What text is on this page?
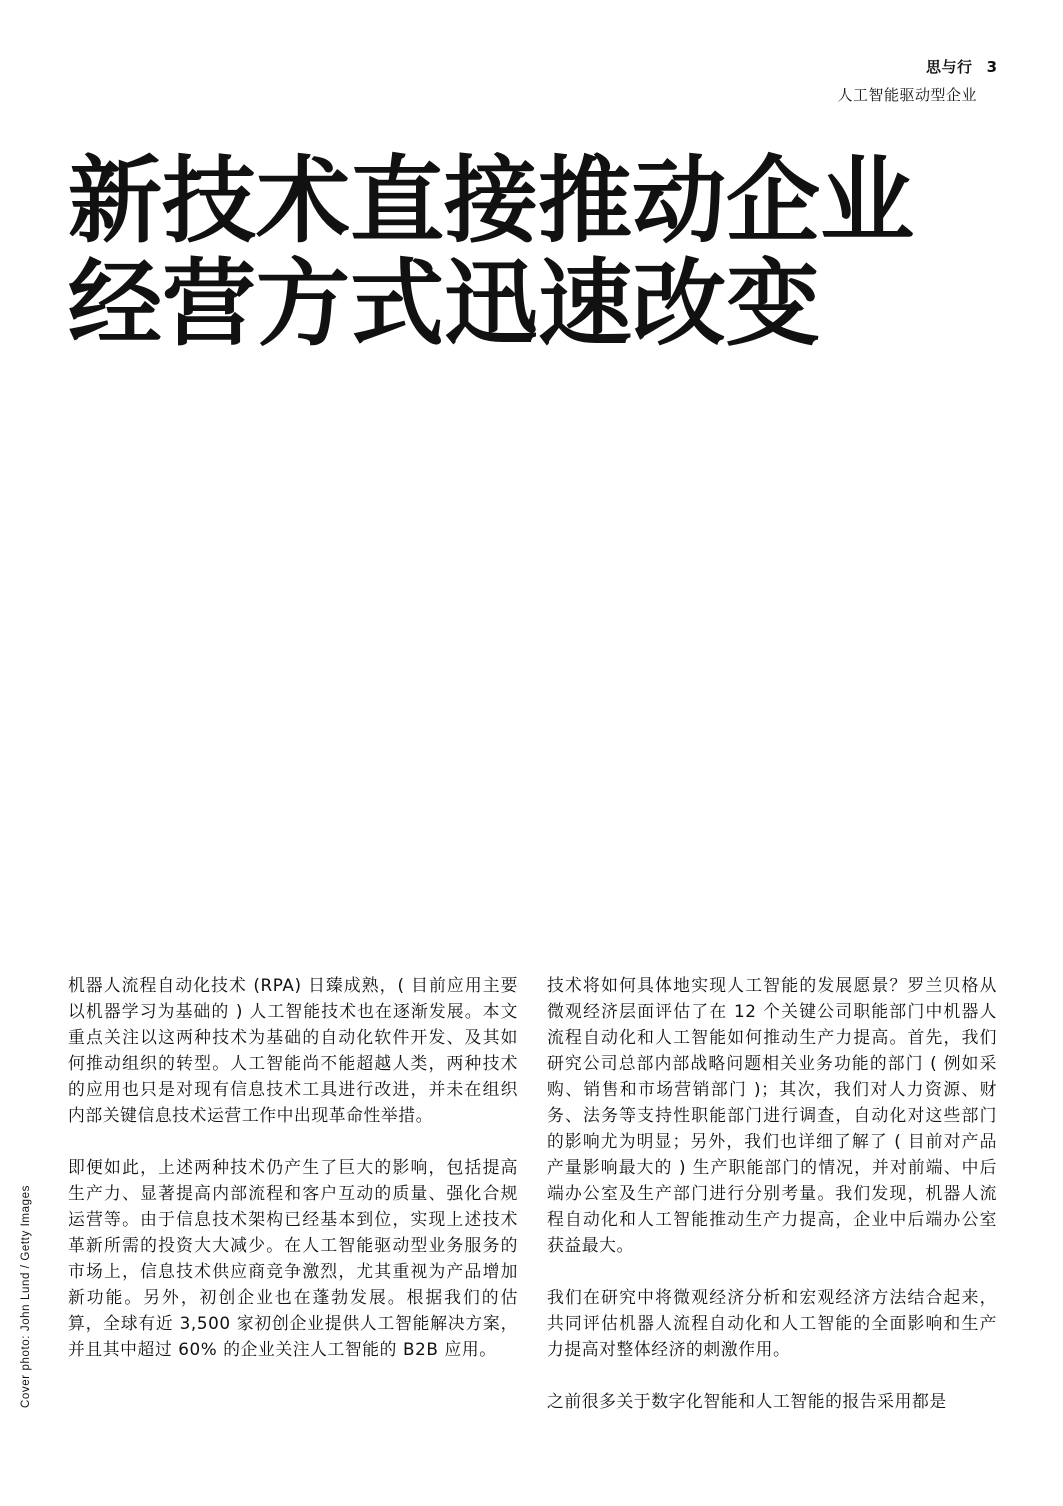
思与行 3
人工智能驱动型企业
新技术直接推动企业
经营方式迅速改变
Cover photo: John Lund / Getty Images

机器人流程自动化技术 (RPA) 日臻成熟，( 目前应用主要以机器学习为基础的 ) 人工智能技术也在逐渐发展。本文重点关注以这两种技术为基础的自动化软件开发、及其如何推动组织的转型。人工智能尚不能超越人类，两种技术的应用也只是对现有信息技术工具进行改进，并未在组织内部关键信息技术运营工作中出现革命性举措。

即便如此，上述两种技术仍产生了巨大的影响，包括提高生产力、显著提高内部流程和客户互动的质量、强化合规运营等。由于信息技术架构已经基本到位，实现上述技术革新所需的投资大大减少。在人工智能驱动型业务服务的市场上，信息技术供应商竞争激烈，尤其重视为产品增加新功能。另外，初创企业也在蓬勃发展。根据我们的估算，全球有近 3,500 家初创企业提供人工智能解决方案，并且其中超过 60% 的企业关注人工智能的 B2B 应用。

技术将如何具体地实现人工智能的发展愿景？罗兰贝格从微观经济层面评估了在 12 个关键公司职能部门中机器人流程自动化和人工智能如何推动生产力提高。首先，我们研究公司总部内部战略问题相关业务功能的部门 ( 例如采购、销售和市场营销部门 )；其次，我们对人力资源、财务、法务等支持性职能部门进行调查，自动化对这些部门的影响尤为明显；另外，我们也详细了解了 ( 目前对产品产量影响最大的 ) 生产职能部门的情况，并对前端、中后端办公室及生产部门进行分别考量。我们发现，机器人流程自动化和人工智能推动生产力提高，企业中后端办公室获益最大。

我们在研究中将微观经济分析和宏观经济方法结合起来，共同评估机器人流程自动化和人工智能的全面影响和生产力提高对整体经济的刺激作用。

之前很多关于数字化智能和人工智能的报告采用都是
